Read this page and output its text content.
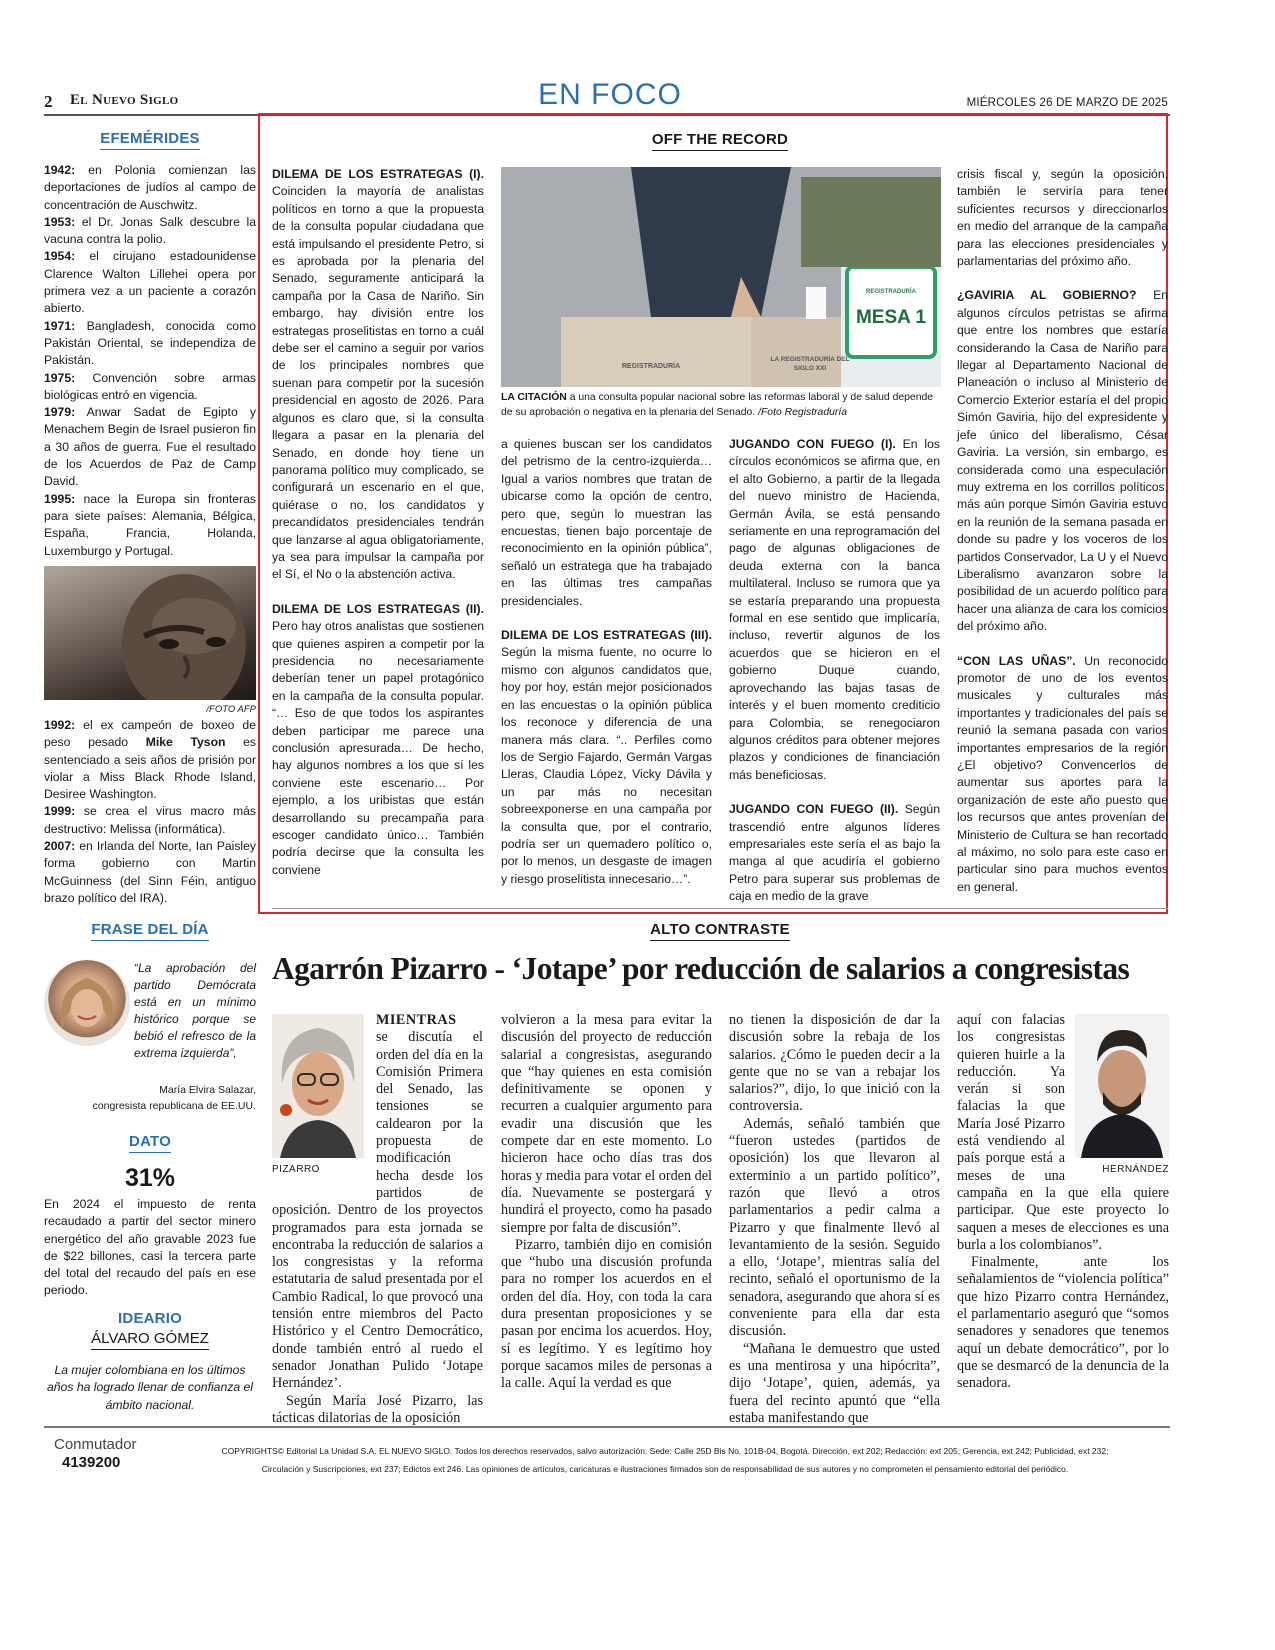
2 El Nuevo Siglo	EN FOCO	MIÉRCOLES 26 DE MARZO DE 2025
EFEMÉRIDES

1942: en Polonia comienzan las deportaciones de judíos al campo de concentración de Auschwitz.

1953: el Dr. Jonas Salk descubre la vacuna contra la polio.

1954: el cirujano estadounidense Clarence Walton Lillehei opera por primera vez a un paciente a corazón abierto.

1971: Bangladesh, conocida como Pakistán Oriental, se independiza de Pakistán.

1975: Convención sobre armas biológicas entró en vigencia.

1979: Anwar Sadat de Egipto y Menachem Begin de Israel pusieron fin a 30 años de guerra. Fue el resultado de los Acuerdos de Paz de Camp David.

1995: nace la Europa sin fronteras para siete países: Alemania, Bélgica, España, Francia, Holanda, Luxemburgo y Portugal.

/FOTO AFP

1992: el ex campeón de boxeo de peso pesado Mike Tyson es sentenciado a seis años de prisión por violar a Miss Black Rhode Island, Desiree Washington.

1999: se crea el virus macro más destructivo: Melissa (informática).

2007: en Irlanda del Norte, Ian Paisley forma gobierno con Martin McGuinness (del Sinn Féin, antiguo brazo político del IRA).

FRASE DEL DÍA
“La aprobación del partido Demócrata está en un mínimo histórico porque se bebió el refresco de la extrema izquierda”,
María Elvira Salazar,
congresista republicana de EE.UU.
DATO
31%
En 2024 el impuesto de renta recaudado a partir del sector minero energético del año gravable 2023 fue de $22 billones, casi la tercera parte del total del recaudo del país en ese periodo.
IDEARIO
ÁLVARO GÓMEZ
La mujer colombiana en los últimos años ha logrado llenar de confianza el ámbito nacional.
OFF THE RECORD
REGISTRADURÍA
MESA 1
REGISTRADURÍA
LA REGISTRADURÍA DEL SIGLO XXI
LA CITACIÓN a una consulta popular nacional sobre las reformas laboral y de salud depende de su aprobación o negativa en la plenaria del Senado. /Foto Registraduría

DILEMA DE LOS ESTRATEGAS (I). Coinciden la mayoría de analistas políticos en torno a que la propuesta de la consulta popular ciudadana que está impulsando el presidente Petro, si es aprobada por la plenaria del Senado, seguramente anticipará la campaña por la Casa de Nariño. Sin embargo, hay división entre los estrategas proselitistas en torno a cuál debe ser el camino a seguir por varios de los principales nombres que suenan para competir por la sucesión presidencial en agosto de 2026. Para algunos es claro que, si la consulta llegara a pasar en la plenaria del Senado, en donde hoy tiene un panorama político muy complicado, se configurará un escenario en el que, quiérase o no, los candidatos y precandidatos presidenciales tendrán que lanzarse al agua obligatoriamente, ya sea para impulsar la campaña por el Sí, el No o la abstención activa.

DILEMA DE LOS ESTRATEGAS (II). Pero hay otros analistas que sostienen que quienes aspiren a competir por la presidencia no necesariamente deberían tener un papel protagónico en la campaña de la consulta popular. “… Eso de que todos los aspirantes deben participar me parece una conclusión apresurada… De hecho, hay algunos nombres a los que sí les conviene este escenario… Por ejemplo, a los uribistas que están desarrollando su precampaña para escoger candidato único… También podría decirse que la consulta les conviene

a quienes buscan ser los candidatos del petrismo de la centro-izquierda… Igual a varios nombres que tratan de ubicarse como la opción de centro, pero que, según lo muestran las encuestas, tienen bajo porcentaje de reconocimiento en la opinión pública”, señaló un estratega que ha trabajado en las últimas tres campañas presidenciales.

DILEMA DE LOS ESTRATEGAS (III). Según la misma fuente, no ocurre lo mismo con algunos candidatos que, hoy por hoy, están mejor posicionados en las encuestas o la opinión pública los reconoce y diferencia de una manera más clara. “.. Perfiles como los de Sergio Fajardo, Germán Vargas Lleras, Claudia López, Vicky Dávila y un par más no necesitan sobreexponerse en una campaña por la consulta que, por el contrario, podría ser un quemadero político o, por lo menos, un desgaste de imagen y riesgo proselitista innecesario…”.

JUGANDO CON FUEGO (I). En los círculos económicos se afirma que, en el alto Gobierno, a partir de la llegada del nuevo ministro de Hacienda, Germán Ávila, se está pensando seriamente en una reprogramación del pago de algunas obligaciones de deuda externa con la banca multilateral. Incluso se rumora que ya se estaría preparando una propuesta formal en ese sentido que implicaría, incluso, revertir algunos de los acuerdos que se hicieron en el gobierno Duque cuando, aprovechando las bajas tasas de interés y el buen momento crediticio para Colombia, se renegociaron algunos créditos para obtener mejores plazos y condiciones de financiación más beneficiosas.

JUGANDO CON FUEGO (II). Según trascendió entre algunos líderes empresariales este sería el as bajo la manga al que acudiría el gobierno Petro para superar sus problemas de caja en medio de la grave

crisis fiscal y, según la oposición, también le serviría para tener suficientes recursos y direccionarlos en medio del arranque de la campaña para las elecciones presidenciales y parlamentarias del próximo año.

¿GAVIRIA AL GOBIERNO? En algunos círculos petristas se afirma que entre los nombres que estaría considerando la Casa de Nariño para llegar al Departamento Nacional de Planeación o incluso al Ministerio de Comercio Exterior estaría el del propio Simón Gaviria, hijo del expresidente y jefe único del liberalismo, César Gaviria. La versión, sin embargo, es considerada como una especulación muy extrema en los corrillos políticos, más aún porque Simón Gaviria estuvo en la reunión de la semana pasada en donde su padre y los voceros de los partidos Conservador, La U y el Nuevo Liberalismo avanzaron sobre la posibilidad de un acuerdo político para hacer una alianza de cara los comicios del próximo año.

“CON LAS UÑAS”. Un reconocido promotor de uno de los eventos musicales y culturales más importantes y tradicionales del país se reunió la semana pasada con varios importantes empresarios de la región ¿El objetivo? Convencerlos de aumentar sus aportes para la organización de este año puesto que los recursos que antes provenían del Ministerio de Cultura se han recortado al máximo, no solo para este caso en particular sino para muchos eventos en general.

ALTO CONTRASTE
Agarrón Pizarro - ‘Jotape’ por reducción de salarios a congresistas
PIZARRO	HERNÁNDEZ

MIENTRAS

se discutía el orden del día en la Comisión Primera del Senado, las tensiones se caldearon por la propuesta de modificación hecha desde los partidos de oposición. Dentro de los proyectos programados para esta jornada se encontraba la reducción de salarios a los congresistas y la reforma estatutaria de salud presentada por el Cambio Radical, lo que provocó una tensión entre miembros del Pacto Histórico y el Centro Democrático, donde también entró al ruedo el senador Jonathan Pulido ‘Jotape Hernández’.

Según María José Pizarro, las tácticas dilatorias de la oposición

volvieron a la mesa para evitar la discusión del proyecto de reducción salarial a congresistas, asegurando que “hay quienes en esta comisión definitivamente se oponen y recurren a cualquier argumento para evadir una discusión que les compete dar en este momento. Lo hicieron hace ocho días tras dos horas y media para votar el orden del día. Nuevamente se postergará y hundirá el proyecto, como ha pasado siempre por falta de discusión”.

Pizarro, también dijo en comisión que “hubo una discusión profunda para no romper los acuerdos en el orden del día. Hoy, con toda la cara dura presentan proposiciones y se pasan por encima los acuerdos. Hoy, sí es legítimo. Y es legítimo hoy porque sacamos miles de personas a la calle. Aquí la verdad es que

no tienen la disposición de dar la discusión sobre la rebaja de los salarios. ¿Cómo le pueden decir a la gente que no se van a rebajar los salarios?”, dijo, lo que inició con la controversia.

Además, señaló también que “fueron ustedes (partidos de oposición) los que llevaron al exterminio a un partido político”, razón que llevó a otros parlamentarios a pedir calma a Pizarro y que finalmente llevó al levantamiento de la sesión. Seguido a ello, ‘Jotape’, mientras salía del recinto, señaló el oportunismo de la senadora, asegurando que ahora sí es conveniente para ella dar esta discusión.

“Mañana le demuestro que usted es una mentirosa y una hipócrita”, dijo ‘Jotape’, quien, además, ya fuera del recinto apuntó que “ella estaba manifestando que

aquí con falacias los congresistas quieren huirle a la reducción. Ya verán si son falacias la que María José Pizarro está vendiendo al país porque está a meses de una campaña en la que ella quiere participar. Que este proyecto lo saquen a meses de elecciones es una burla a los colombianos”.

Finalmente, ante los señalamientos de “violencia política” que hizo Pizarro contra Hernández, el parlamentario aseguró que “somos senadores y senadores que tenemos aquí un debate democrático”, por lo que se desmarcó de la denuncia de la senadora.

Conmutador
4139200
COPYRIGHTS© Editorial La Unidad S.A. EL NUEVO SIGLO. Todos los derechos reservados, salvo autorización. Sede: Calle 25D Bis No. 101B-04, Bogotá. Dirección, ext 202; Redacción: ext 205; Gerencia, ext 242; Publicidad, ext 232;
Circulación y Suscripciones, ext 237; Edictos ext 246. Las opiniones de artículos, caricaturas e ilustraciones firmados son de responsabilidad de sus autores y no comprometen el pensamiento editorial del periódico.
